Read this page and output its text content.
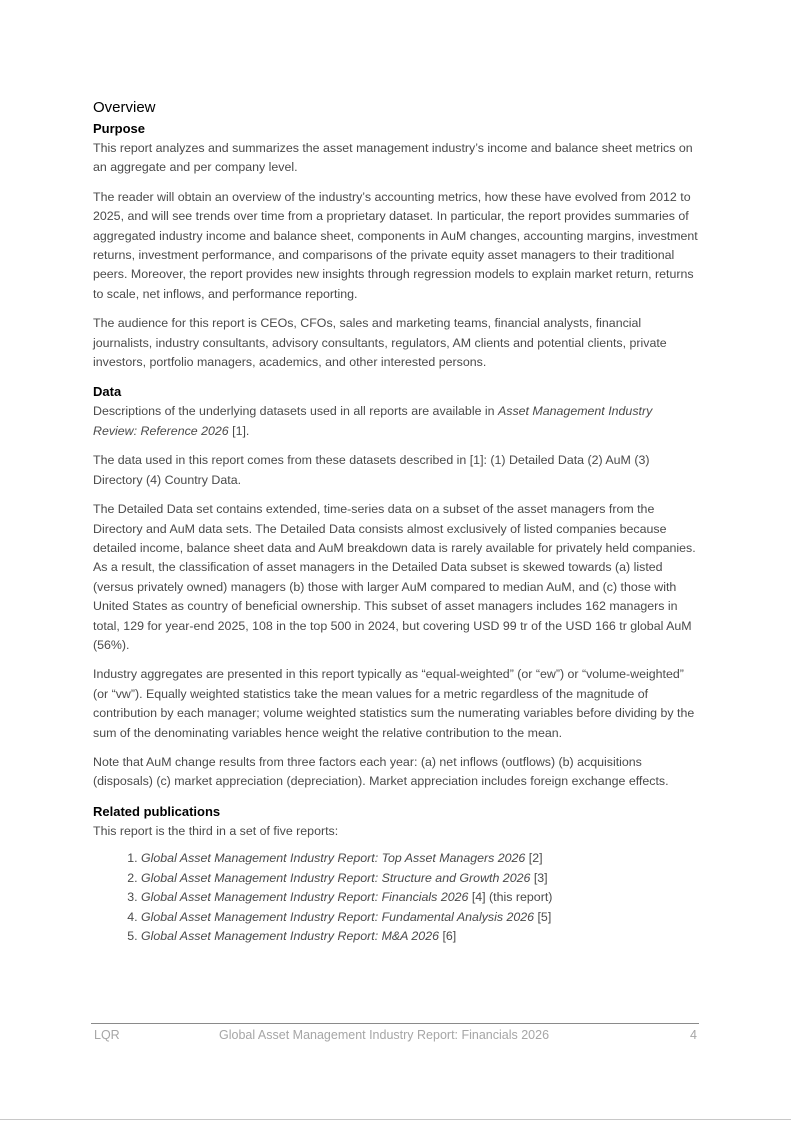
Overview
Purpose

This report analyzes and summarizes the asset management industry’s income and balance sheet metrics on an aggregate and per company level.

The reader will obtain an overview of the industry’s accounting metrics, how these have evolved from 2012 to 2025, and will see trends over time from a proprietary dataset. In particular, the report provides summaries of aggregated industry income and balance sheet, components in AuM changes, accounting margins, investment returns, investment performance, and comparisons of the private equity asset managers to their traditional peers. Moreover, the report provides new insights through regression models to explain market return, returns to scale, net inflows, and performance reporting.

The audience for this report is CEOs, CFOs, sales and marketing teams, financial analysts, financial journalists, industry consultants, advisory consultants, regulators, AM clients and potential clients, private investors, portfolio managers, academics, and other interested persons.

Data

Descriptions of the underlying datasets used in all reports are available in Asset Management Industry Review: Reference 2026 [1].

The data used in this report comes from these datasets described in [1]: (1) Detailed Data (2) AuM (3) Directory (4) Country Data.

The Detailed Data set contains extended, time-series data on a subset of the asset managers from the Directory and AuM data sets. The Detailed Data consists almost exclusively of listed companies because detailed income, balance sheet data and AuM breakdown data is rarely available for privately held companies. As a result, the classification of asset managers in the Detailed Data subset is skewed towards (a) listed (versus privately owned) managers (b) those with larger AuM compared to median AuM, and (c) those with United States as country of beneficial ownership. This subset of asset managers includes 162 managers in total, 129 for year-end 2025, 108 in the top 500 in 2024, but covering USD 99 tr of the USD 166 tr global AuM (56%).

Industry aggregates are presented in this report typically as “equal-weighted” (or “ew”) or “volume-weighted” (or “vw”). Equally weighted statistics take the mean values for a metric regardless of the magnitude of contribution by each manager; volume weighted statistics sum the numerating variables before dividing by the sum of the denominating variables hence weight the relative contribution to the mean.

Note that AuM change results from three factors each year: (a) net inflows (outflows) (b) acquisitions (disposals) (c) market appreciation (depreciation). Market appreciation includes foreign exchange effects.

Related publications

This report is the third in a set of five reports:

1. Global Asset Management Industry Report: Top Asset Managers 2026 [2]
2. Global Asset Management Industry Report: Structure and Growth 2026 [3]
3. Global Asset Management Industry Report: Financials 2026 [4] (this report)
4. Global Asset Management Industry Report: Fundamental Analysis 2026 [5]
5. Global Asset Management Industry Report: M&A 2026 [6]
LQR	Global Asset Management Industry Report: Financials 2026	4
